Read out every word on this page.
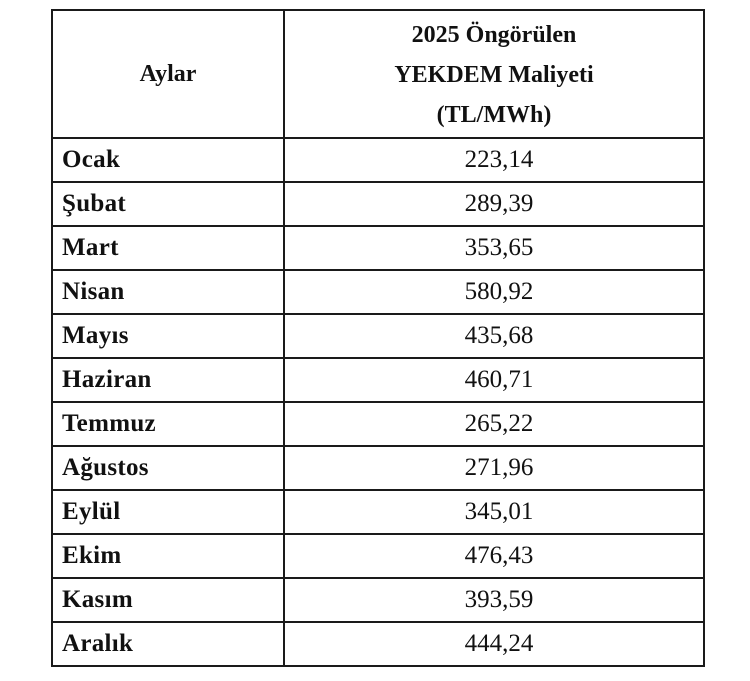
Aylar	2025 Öngörülen
YEKDEM Maliyeti
(TL/MWh)

Ocak	223,14
Şubat	289,39
Mart	353,65
Nisan	580,92
Mayıs	435,68
Haziran	460,71
Temmuz	265,22
Ağustos	271,96
Eylül	345,01
Ekim	476,43
Kasım	393,59
Aralık	444,24
